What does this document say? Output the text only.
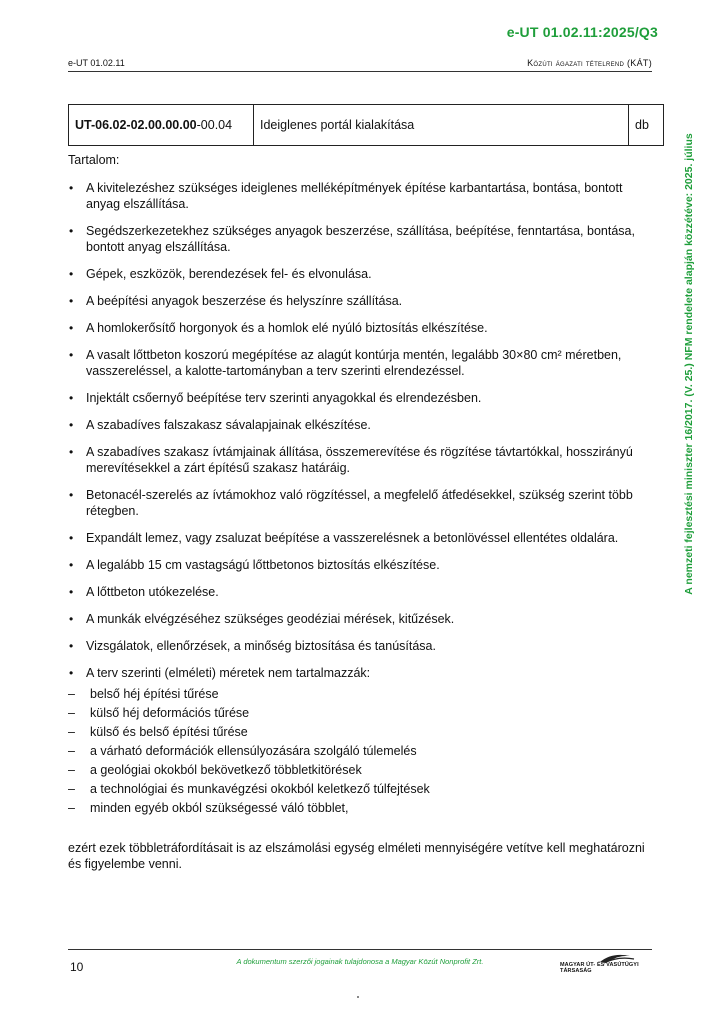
e-UT 01.02.11:2025/Q3
e-UT 01.02.11	Közúti ágazati tételrend (KÁT)
UT-06.02-02.00.00.00-00.04	Ideiglenes portál kialakítása	db

Tartalom:

• A kivitelezéshez szükséges ideiglenes melléképítmények építése karbantartása, bontása, bontott anyag elszállítása.
• Segédszerkezetekhez szükséges anyagok beszerzése, szállítása, beépítése, fenntartása, bontása, bontott anyag elszállítása.
• Gépek, eszközök, berendezések fel- és elvonulása.
• A beépítési anyagok beszerzése és helyszínre szállítása.
• A homlokerősítő horgonyok és a homlok elé nyúló biztosítás elkészítése.
• A vasalt lőttbeton koszorú megépítése az alagút kontúrja mentén, legalább 30×80 cm² méretben, vasszereléssel, a kalotte-tartományban a terv szerinti elrendezéssel.
• Injektált csőernyő beépítése terv szerinti anyagokkal és elrendezésben.
• A szabadíves falszakasz sávalapjainak elkészítése.
• A szabadíves szakasz ívtámjainak állítása, összemerevítése és rögzítése távtartókkal, hosszirányú merevítésekkel a zárt építésű szakasz határáig.
• Betonacél-szerelés az ívtámokhoz való rögzítéssel, a megfelelő átfedésekkel, szükség szerint több rétegben.
• Expandált lemez, vagy zsaluzat beépítése a vasszerelésnek a betonlövéssel ellentétes oldalára.
• A legalább 15 cm vastagságú lőttbetonos biztosítás elkészítése.
• A lőttbeton utókezelése.
• A munkák elvégzéséhez szükséges geodéziai mérések, kitűzések.
• Vizsgálatok, ellenőrzések, a minőség biztosítása és tanúsítása.
• A terv szerinti (elméleti) méretek nem tartalmazzák:
– belső héj építési tűrése
– külső héj deformációs tűrése
– külső és belső építési tűrése
– a várható deformációk ellensúlyozására szolgáló túlemelés
– a geológiai okokból bekövetkező többletkitörések
– a technológiai és munkavégzési okokból keletkező túlfejtések
– minden egyéb okból szükségessé váló többlet,

ezért ezek többletráfordításait is az elszámolási egység elméleti mennyiségére vetítve kell meghatározni és figyelembe venni.

A nemzeti fejlesztési miniszter 16/2017. (V. 25.) NFM rendelete alapján közzétéve: 2025. július
10	A dokumentum szerzői jogainak tulajdonosa a Magyar Közút Nonprofit Zrt.	MAGYAR ÚT- ÉS VASÚTÜGYI TÁRSASÁG
